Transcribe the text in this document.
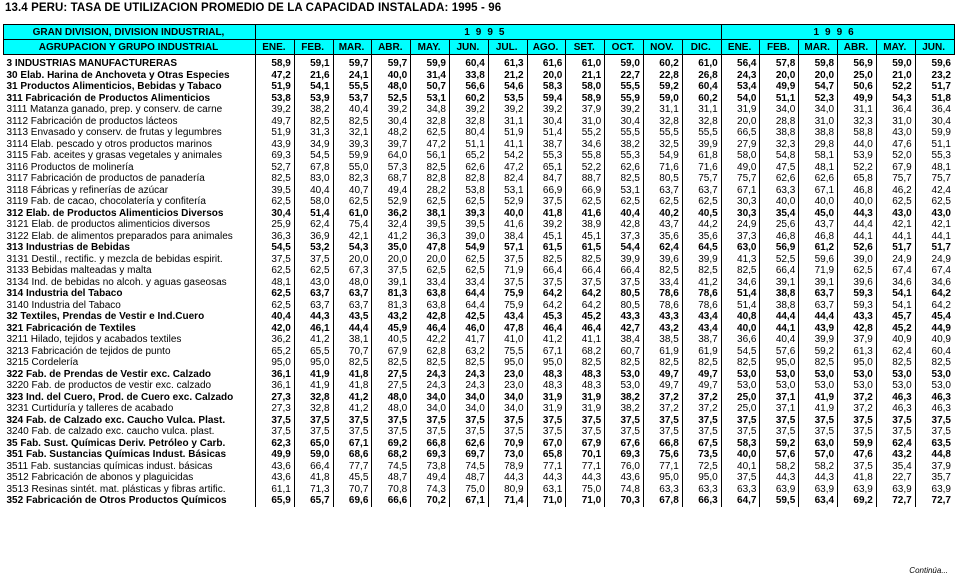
13.4 PERU: TASA DE UTILIZACION PROMEDIO DE LA CAPACIDAD INSTALADA: 1995 - 96
GRAN DIVISION, DIVISION INDUSTRIAL,	1995												1996					
AGRUPACION Y GRUPO INDUSTRIAL	ENE.	FEB.	MAR.	ABR.	MAY.	JUN.	JUL.	AGO.	SET.	OCT.	NOV.	DIC.	ENE.	FEB.	MAR.	ABR.	MAY.	JUN.
3 INDUSTRIAS MANUFACTURERAS	58,9	59,1	59,7	59,7	59,9	60,4	61,3	61,6	61,0	59,0	60,2	61,0	56,4	57,8	59,8	56,9	59,0	59,6
30 Elab. Harina de Anchoveta y Otras Especies	47,2	21,6	24,1	40,0	31,4	33,8	21,2	20,0	21,1	22,7	22,8	26,8	24,3	20,0	20,0	25,0	21,0	23,2
31 Productos Alimenticios, Bebidas y Tabaco	51,9	54,1	55,5	48,0	50,7	56,6	54,6	58,3	58,0	55,5	59,2	60,4	53,4	49,9	54,7	50,6	52,2	51,7
311 Fabricación de Productos Alimenticios	53,8	53,9	53,7	52,5	53,1	60,2	53,5	59,4	58,9	55,9	59,0	60,2	54,0	51,1	52,3	49,9	54,3	51,8
3111 Matanza ganado, prep. y conserv. de carne	39,2	38,2	40,4	39,2	34,8	39,2	39,2	39,2	37,9	39,2	31,1	31,1	31,9	34,0	34,0	31,1	36,4	36,4
3112 Fabricación de productos lácteos	49,7	82,5	82,5	30,4	32,8	32,8	31,1	30,4	31,0	30,4	32,8	32,8	20,0	28,8	31,0	32,3	31,0	30,4
3113 Envasado y conserv. de frutas y legumbres	51,9	31,3	32,1	48,2	62,5	80,4	51,9	51,4	55,2	55,5	55,5	55,5	66,5	38,8	38,8	58,8	43,0	59,9
3114 Elab. pescado y otros productos marinos	43,9	34,9	39,3	39,7	47,2	51,1	41,1	38,7	34,6	38,2	32,5	39,9	27,9	32,3	29,8	44,0	47,6	51,1
3115 Fab. aceites y grasas vegetales y animales	69,3	54,5	59,9	64,0	56,1	65,2	54,2	55,3	55,8	55,3	54,9	61,8	58,0	54,8	58,1	53,9	52,0	55,3
3116 Productos de molinería	52,7	67,8	55,0	57,3	82,5	62,6	47,2	65,1	52,2	62,6	71,6	71,6	49,0	47,5	48,1	52,2	67,9	48,1
3117 Fabricación de productos de panadería	82,5	83,0	82,3	68,7	82,8	82,8	82,4	84,7	88,7	82,5	80,5	75,7	75,7	62,6	62,6	65,8	75,7	75,7
3118 Fábricas y refinerías de azúcar	39,5	40,4	40,7	49,4	28,2	53,8	53,1	66,9	66,9	53,1	63,7	63,7	67,1	63,3	67,1	46,8	46,2	42,4
3119 Fab. de cacao, chocolatería y confitería	62,5	58,0	62,5	52,9	62,5	62,5	52,9	37,5	62,5	62,5	62,5	62,5	30,3	40,0	40,0	40,0	62,5	62,5
312 Elab. de Productos Alimenticios Diversos	30,4	51,4	61,0	36,2	38,1	39,3	40,0	41,8	41,6	40,4	40,2	40,5	30,3	35,4	45,0	44,3	43,0	43,0
3121 Elab. de productos alimenticios diversos	25,9	62,4	75,4	32,4	39,5	39,5	41,6	39,2	38,9	42,8	43,7	44,2	24,9	25,6	43,7	44,4	42,1	42,1
3122 Elab. de alimentos preparados para animales	36,3	36,9	42,1	41,2	36,3	39,0	38,4	45,1	45,1	37,3	35,6	35,6	37,3	46,8	46,8	44,1	44,1	44,1
313 Industrias de Bebidas	54,5	53,2	54,3	35,0	47,8	54,9	57,1	61,5	61,5	54,4	62,4	64,5	63,0	56,9	61,2	52,6	51,7	51,7
3131 Destil., rectific. y mezcla de bebidas espirit.	37,5	37,5	20,0	20,0	20,0	62,5	37,5	82,5	82,5	39,9	39,6	39,9	41,3	52,5	59,6	39,0	24,9	24,9
3133 Bebidas malteadas y malta	62,5	62,5	67,3	37,5	62,5	62,5	71,9	66,4	66,4	66,4	82,5	82,5	82,5	66,4	71,9	62,5	67,4	67,4
3134 Ind. de bebidas no alcoh. y aguas gaseosas	48,1	43,0	48,0	39,1	33,4	33,4	37,5	37,5	37,5	37,5	33,4	41,2	34,6	39,1	39,1	39,6	34,6	34,6
314 Industria del Tabaco	62,5	63,7	63,7	81,3	63,8	64,4	75,9	64,2	64,2	80,5	78,6	78,6	51,4	38,8	63,7	59,3	54,1	64,2
3140 Industria del Tabaco	62,5	63,7	63,7	81,3	63,8	64,4	75,9	64,2	64,2	80,5	78,6	78,6	51,4	38,8	63,7	59,3	54,1	64,2
32 Textiles, Prendas de Vestir e Ind.Cuero	40,4	44,3	43,5	43,2	42,8	42,5	43,4	45,3	45,2	43,3	43,3	43,4	40,8	44,4	44,4	43,3	45,7	45,4
321 Fabricación de Textiles	42,0	46,1	44,4	45,9	46,4	46,0	47,8	46,4	46,4	42,7	43,2	43,4	40,0	44,1	43,9	42,8	45,2	44,9
3211 Hilado, tejidos y acabados textiles	36,2	41,2	38,1	40,5	42,2	41,7	41,0	41,2	41,1	38,4	38,5	38,7	36,6	40,4	39,9	37,9	40,9	40,9
3213 Fabricación de tejidos de punto	65,2	65,5	70,7	67,9	62,8	63,2	75,5	67,1	68,2	60,7	61,9	61,9	54,5	57,6	59,2	61,3	62,4	60,4
3215 Cordelería	95,0	95,0	82,5	82,5	82,5	82,5	95,0	95,0	82,5	82,5	82,5	82,5	82,5	95,0	82,5	95,0	82,5	82,5
322 Fab. de Prendas de Vestir exc. Calzado	36,1	41,9	41,8	27,5	24,3	24,3	23,0	48,3	48,3	53,0	49,7	49,7	53,0	53,0	53,0	53,0	53,0	53,0
3220 Fab. de productos de vestir exc. calzado	36,1	41,9	41,8	27,5	24,3	24,3	23,0	48,3	48,3	53,0	49,7	49,7	53,0	53,0	53,0	53,0	53,0	53,0
323 Ind. del Cuero, Prod. de Cuero exc. Calzado	27,3	32,8	41,2	48,0	34,0	34,0	34,0	31,9	31,9	38,2	37,2	37,2	25,0	37,1	41,9	37,2	46,3	46,3
3231 Curtiduría y talleres de acabado	27,3	32,8	41,2	48,0	34,0	34,0	34,0	31,9	31,9	38,2	37,2	37,2	25,0	37,1	41,9	37,2	46,3	46,3
324 Fab. de Calzado exc. Caucho Vulca. Plast.	37,5	37,5	37,5	37,5	37,5	37,5	37,5	37,5	37,5	37,5	37,5	37,5	37,5	37,5	37,5	37,5	37,5	37,5
3240 Fab. de calzado exc. caucho vulca. plast.	37,5	37,5	37,5	37,5	37,5	37,5	37,5	37,5	37,5	37,5	37,5	37,5	37,5	37,5	37,5	37,5	37,5	37,5
35 Fab. Sust. Químicas Deriv. Petróleo y Carb.	62,3	65,0	67,1	69,2	66,8	62,6	70,9	67,0	67,9	67,6	66,8	67,5	58,3	59,2	63,0	59,9	62,4	63,5
351 Fab. Sustancias Químicas Indust. Básicas	49,9	59,0	68,6	68,2	69,3	69,7	73,0	65,8	70,1	69,3	75,6	73,5	40,0	57,6	57,0	47,6	43,2	44,8
3511 Fab. sustancias químicas indust. básicas	43,6	66,4	77,7	74,5	73,8	74,5	78,9	77,1	77,1	76,0	77,1	72,5	40,1	58,2	58,2	37,5	35,4	37,9
3512 Fabricación de abonos y plaguicidas	43,6	41,8	45,5	48,7	49,4	48,7	44,3	44,3	44,3	43,6	95,0	95,0	37,5	44,3	44,3	41,8	22,7	35,7
3513 Resinas sintét. mat. plásticas y fibras artific.	61,1	71,3	70,7	70,8	74,3	75,0	80,9	63,1	75,0	74,8	63,3	63,3	63,3	63,9	63,9	63,9	63,9	63,9
352 Fabricación de Otros Productos Químicos	65,9	65,7	69,6	66,6	70,2	67,1	71,4	71,0	71,0	70,3	67,8	66,3	64,7	59,5	63,4	69,2	72,7	72,7
Continúa...
